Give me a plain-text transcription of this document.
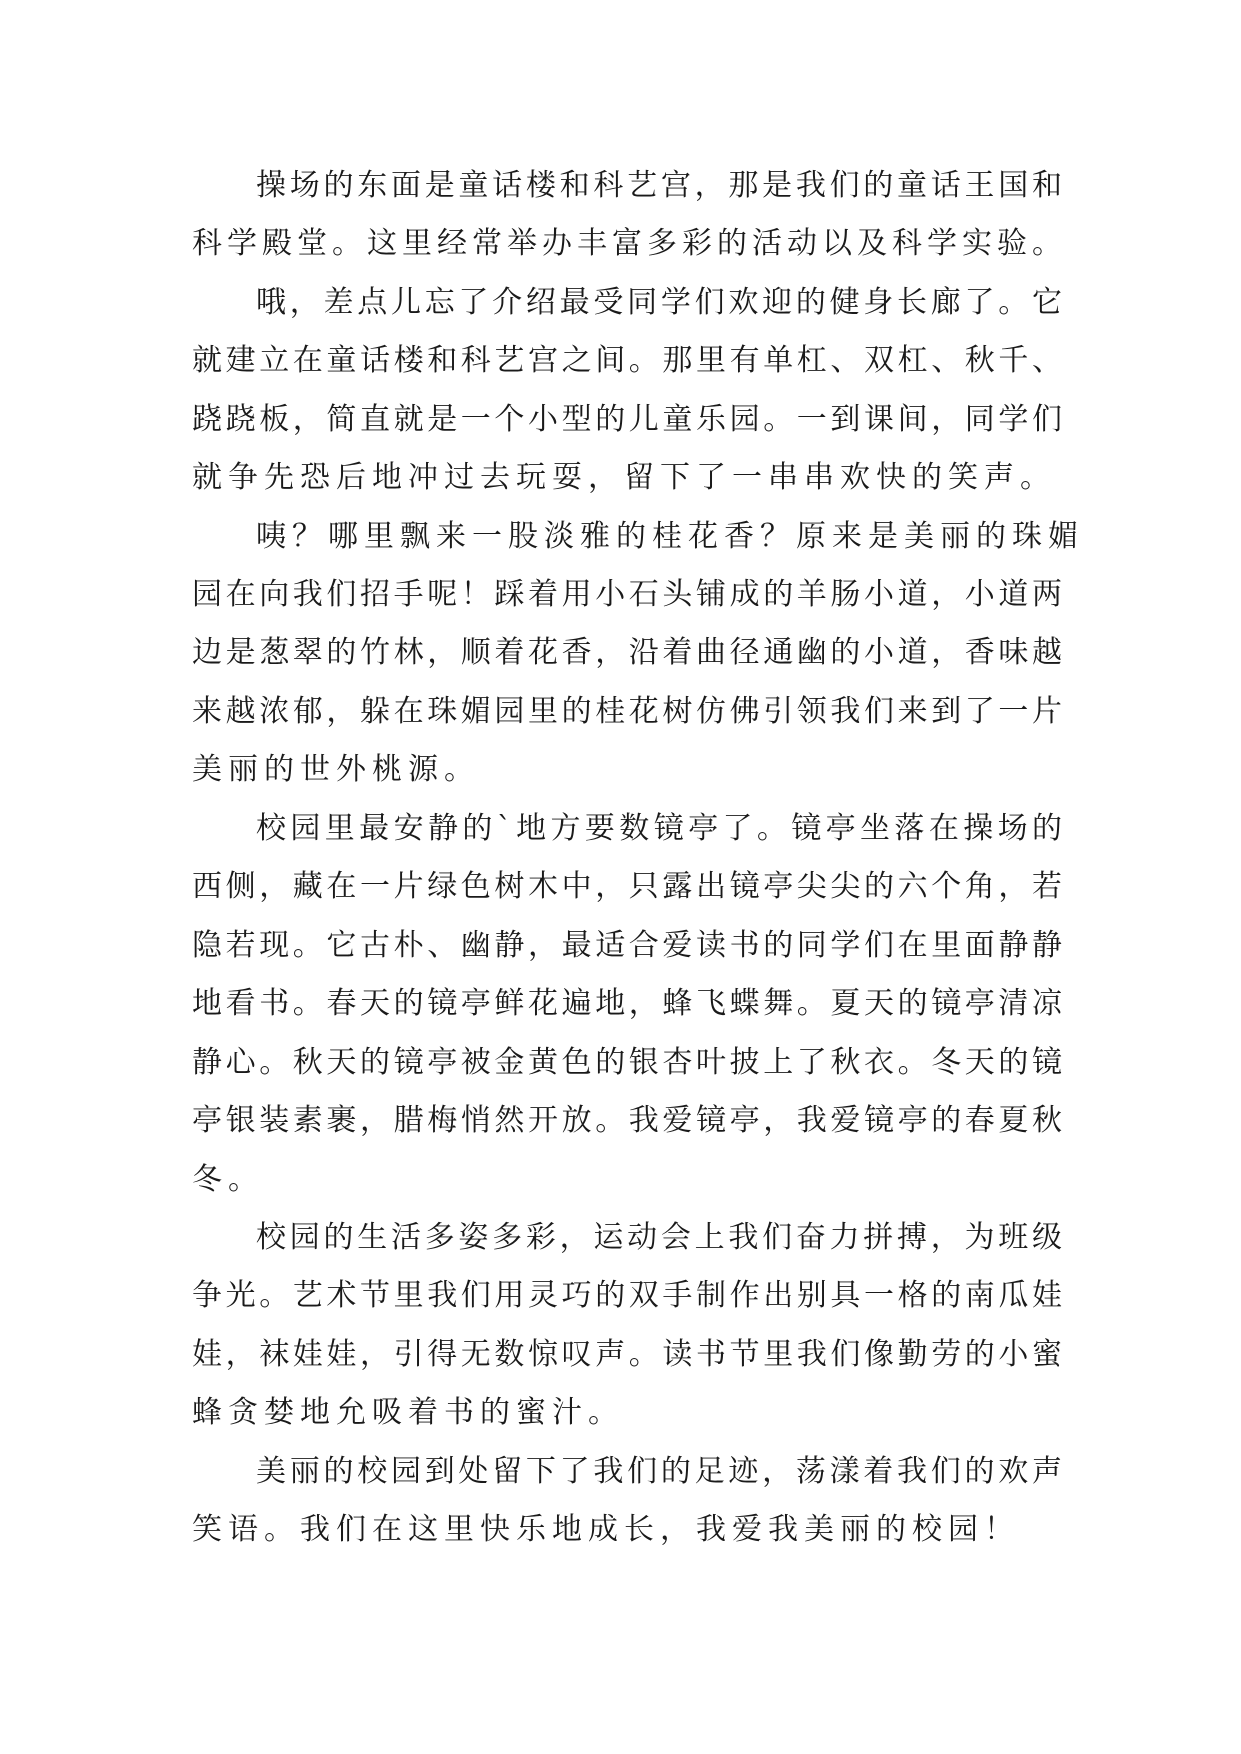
操场的东面是童话楼和科艺宫，那是我们的童话王国和
科学殿堂。这里经常举办丰富多彩的活动以及科学实验。
哦，差点儿忘了介绍最受同学们欢迎的健身长廊了。它
就建立在童话楼和科艺宫之间。那里有单杠、双杠、秋千、
跷跷板，简直就是一个小型的儿童乐园。一到课间，同学们
就争先恐后地冲过去玩耍，留下了一串串欢快的笑声。
咦？哪里飘来一股淡雅的桂花香？原来是美丽的珠媚
园在向我们招手呢！踩着用小石头铺成的羊肠小道，小道两
边是葱翠的竹林，顺着花香，沿着曲径通幽的小道，香味越
来越浓郁，躲在珠媚园里的桂花树仿佛引领我们来到了一片
美丽的世外桃源。
校园里最安静的`地方要数镜亭了。镜亭坐落在操场的
西侧，藏在一片绿色树木中，只露出镜亭尖尖的六个角，若
隐若现。它古朴、幽静，最适合爱读书的同学们在里面静静
地看书。春天的镜亭鲜花遍地，蜂飞蝶舞。夏天的镜亭清凉
静心。秋天的镜亭被金黄色的银杏叶披上了秋衣。冬天的镜
亭银装素裹，腊梅悄然开放。我爱镜亭，我爱镜亭的春夏秋
冬。
校园的生活多姿多彩，运动会上我们奋力拼搏，为班级
争光。艺术节里我们用灵巧的双手制作出别具一格的南瓜娃
娃，袜娃娃，引得无数惊叹声。读书节里我们像勤劳的小蜜
蜂贪婪地允吸着书的蜜汁。
美丽的校园到处留下了我们的足迹，荡漾着我们的欢声
笑语。我们在这里快乐地成长，我爱我美丽的校园！
